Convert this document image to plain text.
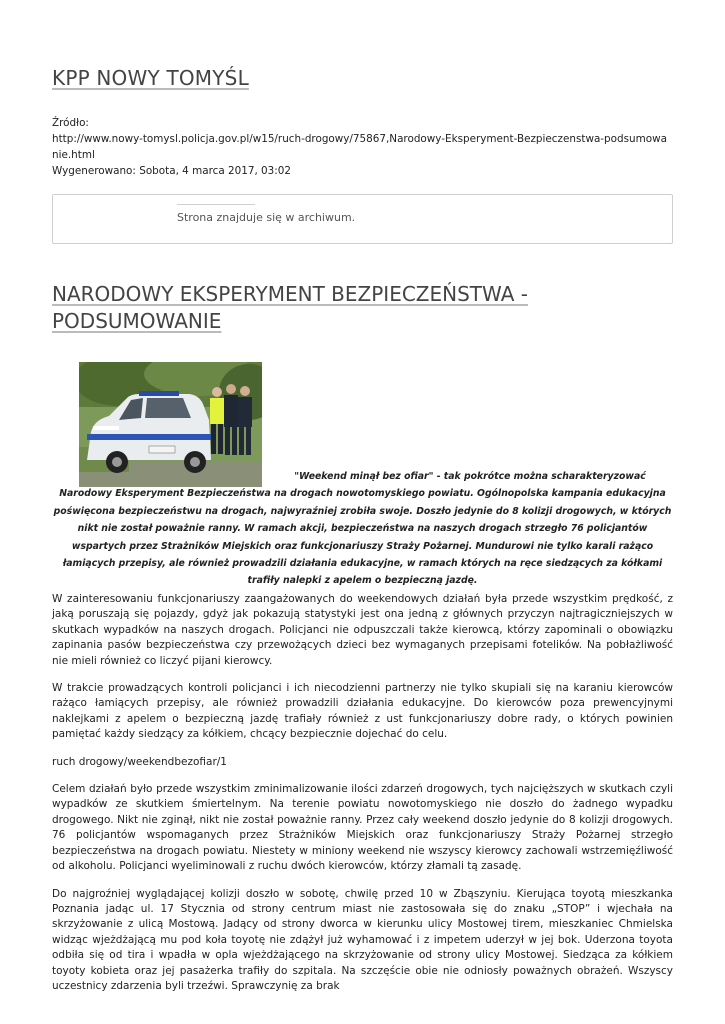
KPP NOWY TOMYŚL
Źródło:
http://www.nowy-tomysl.policja.gov.pl/w15/ruch-drogowy/75867,Narodowy-Eksperyment-Bezpieczenstwa-podsumowanie.html
Wygenerowano: Sobota, 4 marca 2017, 03:02
Strona znajduje się w archiwum.
NARODOWY EKSPERYMENT BEZPIECZEŃSTWA - PODSUMOWANIE
"Weekend minął bez ofiar" - tak pokrótce można scharakteryzować Narodowy Eksperyment Bezpieczeństwa na drogach nowotomyskiego powiatu. Ogólnopolska kampania edukacyjna poświęcona bezpieczeństwu na drogach, najwyraźniej zrobiła swoje. Doszło jedynie do 8 kolizji drogowych, w których nikt nie został poważnie ranny. W ramach akcji, bezpieczeństwa na naszych drogach strzegło 76 policjantów wspartych przez Strażników Miejskich oraz funkcjonariuszy Straży Pożarnej. Mundurowi nie tylko karali rażąco łamiących przepisy, ale również prowadzili działania edukacyjne, w ramach których na ręce siedzących za kółkami trafiły nalepki z apelem o bezpieczną jazdę.

W zainteresowaniu funkcjonariuszy zaangażowanych do weekendowych działań była przede wszystkim prędkość, z jaką poruszają się pojazdy, gdyż jak pokazują statystyki jest ona jedną z głównych przyczyn najtragiczniejszych w skutkach wypadków na naszych drogach. Policjanci nie odpuszczali także kierowcą, którzy zapominali o obowiązku zapinania pasów bezpieczeństwa czy przewożących dzieci bez wymaganych przepisami fotelików. Na pobłażliwość nie mieli również co liczyć pijani kierowcy.

W trakcie prowadzących kontroli policjanci i ich niecodzienni partnerzy nie tylko skupiali się na karaniu kierowców rażąco łamiących przepisy, ale również prowadzili działania edukacyjne. Do kierowców poza prewencyjnymi naklejkami z apelem o bezpieczną jazdę trafiały również z ust funkcjonariuszy dobre rady, o których powinien pamiętać każdy siedzący za kółkiem, chcący bezpiecznie dojechać do celu.

ruch drogowy/weekendbezofiar/1

Celem działań było przede wszystkim zminimalizowanie ilości zdarzeń drogowych, tych najcięższych w skutkach czyli wypadków ze skutkiem śmiertelnym. Na terenie powiatu nowotomyskiego nie doszło do żadnego wypadku drogowego. Nikt nie zginął, nikt nie został poważnie ranny. Przez cały weekend doszło jedynie do 8 kolizji drogowych. 76 policjantów wspomaganych przez Strażników Miejskich oraz funkcjonariuszy Straży Pożarnej strzegło bezpieczeństwa na drogach powiatu. Niestety w miniony weekend nie wszyscy kierowcy zachowali wstrzemięźliwość od alkoholu. Policjanci wyeliminowali z ruchu dwóch kierowców, którzy złamali tą zasadę.

Do najgroźniej wyglądającej kolizji doszło w sobotę, chwilę przed 10 w Zbąszyniu. Kierująca toyotą mieszkanka Poznania jadąc ul. 17 Stycznia od strony centrum miast nie zastosowała się do znaku „STOP” i wjechała na skrzyżowanie z ulicą Mostową. Jadący od strony dworca w kierunku ulicy Mostowej tirem, mieszkaniec Chmielska widząc wjeżdżającą mu pod koła toyotę nie zdążył już wyhamować i z impetem uderzył w jej bok. Uderzona toyota odbiła się od tira i wpadła w opla wjeżdżającego na skrzyżowanie od strony ulicy Mostowej. Siedząca za kółkiem toyoty kobieta oraz jej pasażerka trafiły do szpitala. Na szczęście obie nie odniosły poważnych obrażeń. Wszyscy uczestnicy zdarzenia byli trzeźwi. Sprawczynię za brak
